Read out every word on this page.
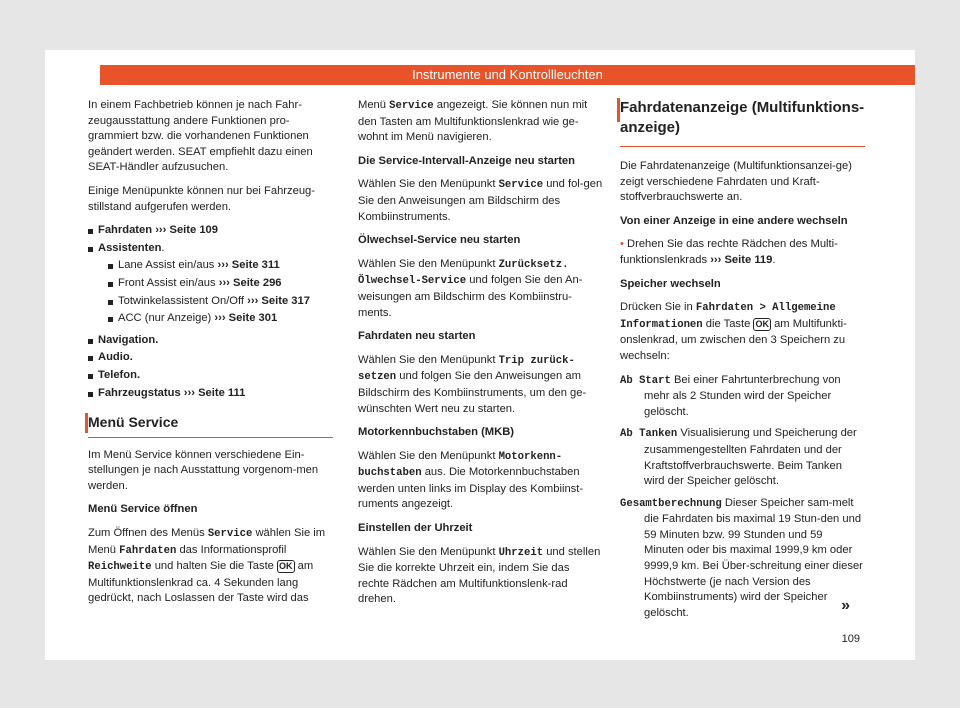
Instrumente und Kontrollleuchten

In einem Fachbetrieb können je nach Fahr-zeugausstattung andere Funktionen pro-grammiert bzw. die vorhandenen Funktionen geändert werden. SEAT empfiehlt dazu einen SEAT-Händler aufzusuchen.

Einige Menüpunkte können nur bei Fahrzeug-stillstand aufgerufen werden.

Fahrdaten ››› Seite 109
Assistenten.
Lane Assist ein/aus ››› Seite 311
Front Assist ein/aus ››› Seite 296
Totwinkelassistent On/Off ››› Seite 317
ACC (nur Anzeige) ››› Seite 301
Navigation.
Audio.
Telefon.
Fahrzeugstatus ››› Seite 111
Menü Service

Im Menü Service können verschiedene Ein-stellungen je nach Ausstattung vorgenom-men werden.

Menü Service öffnen

Zum Öffnen des Menüs Service wählen Sie im Menü Fahrdaten das Informationsprofil Reichweite und halten Sie die Taste OK am Multifunktionslenkrad ca. 4 Sekunden lang gedrückt, nach Loslassen der Taste wird das

Menü Service angezeigt. Sie können nun mit den Tasten am Multifunktionslenkrad wie ge-wohnt im Menü navigieren.

Die Service-Intervall-Anzeige neu starten

Wählen Sie den Menüpunkt Service und fol-gen Sie den Anweisungen am Bildschirm des Kombiinstruments.

Ölwechsel-Service neu starten

Wählen Sie den Menüpunkt Zurücksetz. Ölwechsel-Service und folgen Sie den An-weisungen am Bildschirm des Kombiinstru-ments.

Fahrdaten neu starten

Wählen Sie den Menüpunkt Trip zurück-setzen und folgen Sie den Anweisungen am Bildschirm des Kombiinstruments, um den ge-wünschten Wert neu zu starten.

Motorkennbuchstaben (MKB)

Wählen Sie den Menüpunkt Motorkenn-buchstaben aus. Die Motorkennbuchstaben werden unten links im Display des Kombiinst-ruments angezeigt.

Einstellen der Uhrzeit

Wählen Sie den Menüpunkt Uhrzeit und stellen Sie die korrekte Uhrzeit ein, indem Sie das rechte Rädchen am Multifunktionslenk-rad drehen.

Fahrdatenanzeige (Multifunktions-anzeige)

Die Fahrdatenanzeige (Multifunktionsanzei-ge) zeigt verschiedene Fahrdaten und Kraft-stoffverbrauchswerte an.

Von einer Anzeige in eine andere wechseln

• Drehen Sie das rechte Rädchen des Multi-funktionslenkrads ››› Seite 119.

Speicher wechseln

Drücken Sie in Fahrdaten > Allgemeine Informationen die Taste OK am Multifunkti-onslenkrad, um zwischen den 3 Speichern zu wechseln:

Ab Start Bei einer Fahrtunterbrechung von mehr als 2 Stunden wird der Speicher gelöscht.
Ab Tanken Visualisierung und Speicherung der zusammengestellten Fahrdaten und der Kraftstoffverbrauchswerte. Beim Tanken wird der Speicher gelöscht.
Gesamtberechnung Dieser Speicher sam-melt die Fahrdaten bis maximal 19 Stun-den und 59 Minuten bzw. 99 Stunden und 59 Minuten oder bis maximal 1999,9 km oder 9999,9 km. Bei Über-schreitung einer dieser Höchstwerte (je nach Version des Kombiinstruments) wird der Speicher gelöscht.	»
109
